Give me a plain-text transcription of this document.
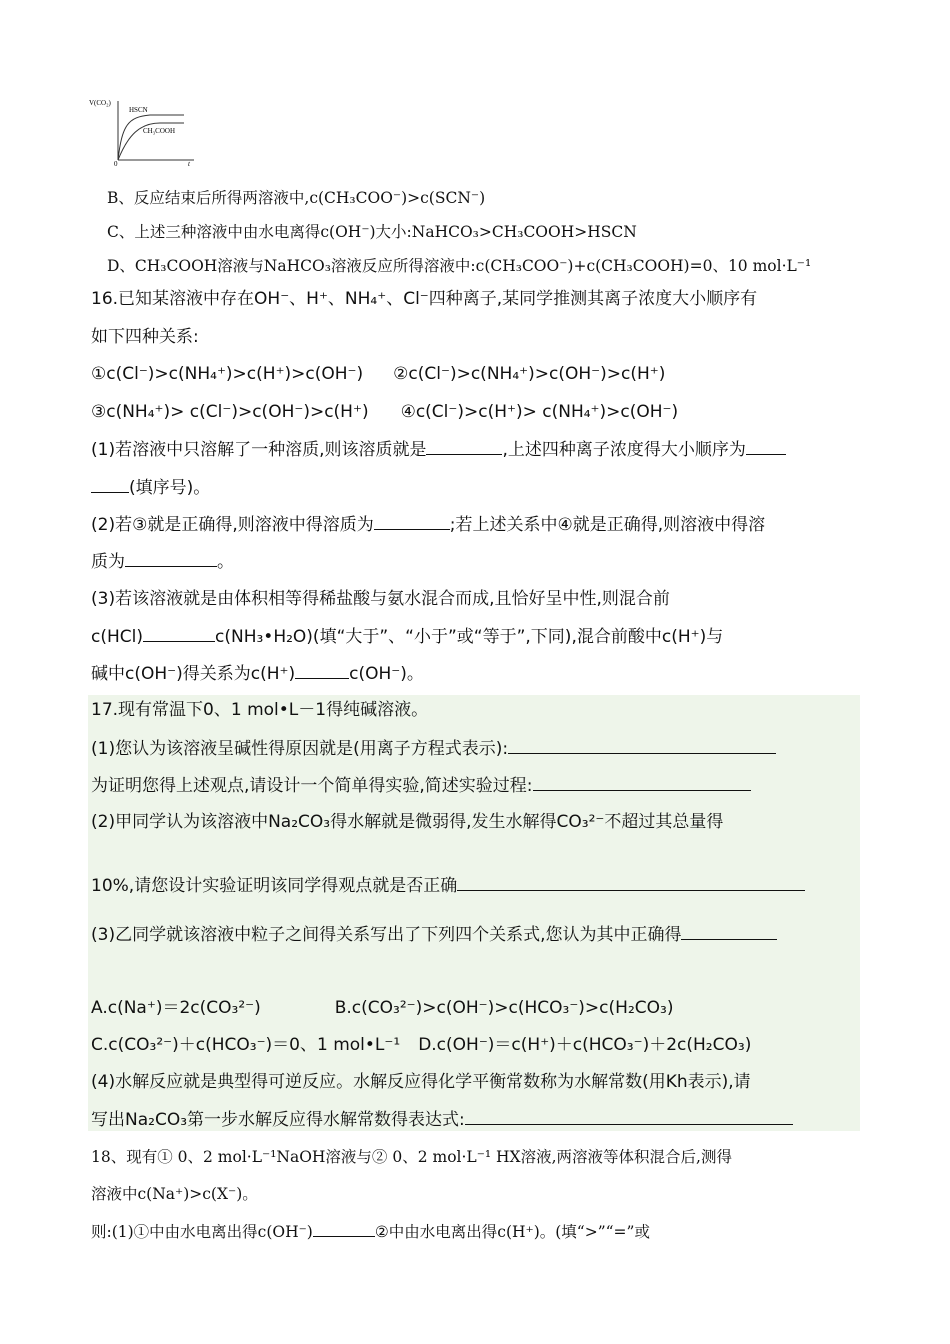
V(CO₂)
HSCN
CH₃COOH
0	t
B、反应结束后所得两溶液中,c(CH₃COO⁻)>c(SCN⁻)
C、上述三种溶液中由水电离得c(OH⁻)大小:NaHCO₃>CH₃COOH>HSCN
D、CH₃COOH溶液与NaHCO₃溶液反应所得溶液中:c(CH₃COO⁻)+c(CH₃COOH)=0、10 mol·L⁻¹
16.已知某溶液中存在OH⁻、H⁺、NH₄⁺、Cl⁻四种离子,某同学推测其离子浓度大小顺序有
如下四种关系:
①c(Cl⁻)>c(NH₄⁺)>c(H⁺)>c(OH⁻) ②c(Cl⁻)>c(NH₄⁺)>c(OH⁻)>c(H⁺)
③c(NH₄⁺)> c(Cl⁻)>c(OH⁻)>c(H⁺) ④c(Cl⁻)>c(H⁺)> c(NH₄⁺)>c(OH⁻)
(1)若溶液中只溶解了一种溶质,则该溶质就是	,上述四种离子浓度得大小顺序为
(填序号)。
(2)若③就是正确得,则溶液中得溶质为	;若上述关系中④就是正确得,则溶液中得溶
质为	。
(3)若该溶液就是由体积相等得稀盐酸与氨水混合而成,且恰好呈中性,则混合前
c(HCl)	c(NH₃•H₂O)(填“大于”、“小于”或“等于”,下同),混合前酸中c(H⁺)与
碱中c(OH⁻)得关系为c(H⁺)	c(OH⁻)。
17.现有常温下0、1 mol•L－1得纯碱溶液。
(1)您认为该溶液呈碱性得原因就是(用离子方程式表示):
为证明您得上述观点,请设计一个简单得实验,简述实验过程:
(2)甲同学认为该溶液中Na₂CO₃得水解就是微弱得,发生水解得CO₃²⁻不超过其总量得
10%,请您设计实验证明该同学得观点就是否正确
(3)乙同学就该溶液中粒子之间得关系写出了下列四个关系式,您认为其中正确得
A.c(Na⁺)＝2c(CO₃²⁻)	B.c(CO₃²⁻)>c(OH⁻)>c(HCO₃⁻)>c(H₂CO₃)
C.c(CO₃²⁻)＋c(HCO₃⁻)＝0、1 mol•L⁻¹ D.c(OH⁻)＝c(H⁺)＋c(HCO₃⁻)＋2c(H₂CO₃)
(4)水解反应就是典型得可逆反应。水解反应得化学平衡常数称为水解常数(用Kh表示),请
写出Na₂CO₃第一步水解反应得水解常数得表达式:
18、现有① 0、2 mol·L⁻¹NaOH溶液与② 0、2 mol·L⁻¹ HX溶液,两溶液等体积混合后,测得
溶液中c(Na⁺)>c(X⁻)。
则:(1)①中由水电离出得c(OH⁻)	②中由水电离出得c(H⁺)。(填“>”“=”或
